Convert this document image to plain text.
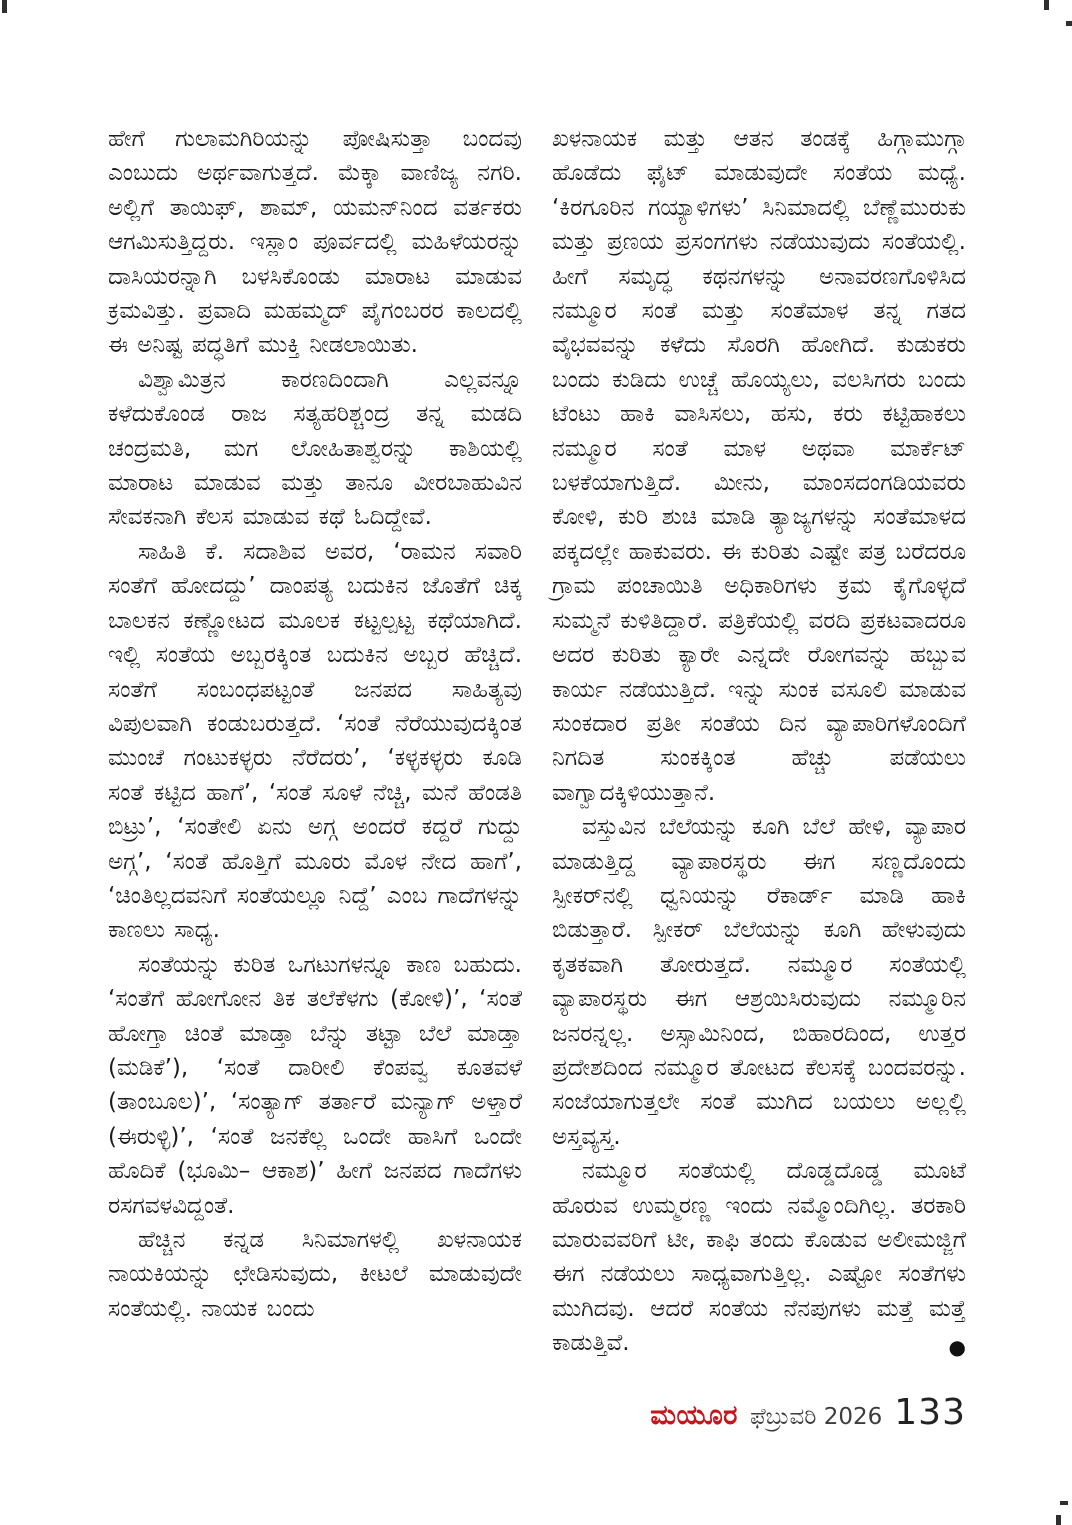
ಹೇಗೆ ಗುಲಾಮಗಿರಿಯನ್ನು ಪೋಷಿಸುತ್ತಾ ಬಂದವು ಎಂಬುದು ಅರ್ಥವಾಗುತ್ತದೆ. ಮೆಕ್ಕಾ ವಾಣಿಜ್ಯ ನಗರಿ. ಅಲ್ಲಿಗೆ ತಾಯಿಫ್, ಶಾಮ್, ಯಮನ್‌ನಿಂದ ವರ್ತಕರು ಆಗಮಿಸುತ್ತಿದ್ದರು. ಇಸ್ಲಾಂ ಪೂರ್ವದಲ್ಲಿ ಮಹಿಳೆಯರನ್ನು ದಾಸಿಯರನ್ನಾಗಿ ಬಳಸಿಕೊಂಡು ಮಾರಾಟ ಮಾಡುವ ಕ್ರಮವಿತ್ತು. ಪ್ರವಾದಿ ಮಹಮ್ಮದ್ ಪೈಗಂಬರರ ಕಾಲದಲ್ಲಿ ಈ ಅನಿಷ್ಟ ಪದ್ಧತಿಗೆ ಮುಕ್ತಿ ನೀಡಲಾಯಿತು.

ವಿಶ್ವಾಮಿತ್ರನ ಕಾರಣದಿಂದಾಗಿ ಎಲ್ಲವನ್ನೂ ಕಳೆದುಕೊಂಡ ರಾಜ ಸತ್ಯಹರಿಶ್ಚಂದ್ರ ತನ್ನ ಮಡದಿ ಚಂದ್ರಮತಿ, ಮಗ ಲೋಹಿತಾಶ್ವರನ್ನು ಕಾಶಿಯಲ್ಲಿ ಮಾರಾಟ ಮಾಡುವ ಮತ್ತು ತಾನೂ ವೀರಬಾಹುವಿನ ಸೇವಕನಾಗಿ ಕೆಲಸ ಮಾಡುವ ಕಥೆ ಓದಿದ್ದೇವೆ.

ಸಾಹಿತಿ ಕೆ. ಸದಾಶಿವ ಅವರ, ‘ರಾಮನ ಸವಾರಿ ಸಂತೆಗೆ ಹೋದದ್ದು’ ದಾಂಪತ್ಯ ಬದುಕಿನ ಜೊತೆಗೆ ಚಿಕ್ಕ ಬಾಲಕನ ಕಣ್ಣೋಟದ ಮೂಲಕ ಕಟ್ಟಲ್ಪಟ್ಟ ಕಥೆಯಾಗಿದೆ. ಇಲ್ಲಿ ಸಂತೆಯ ಅಬ್ಬರಕ್ಕಿಂತ ಬದುಕಿನ ಅಬ್ಬರ ಹೆಚ್ಚಿದೆ. ಸಂತೆಗೆ ಸಂಬಂಧಪಟ್ಟಂತೆ ಜನಪದ ಸಾಹಿತ್ಯವು ವಿಪುಲವಾಗಿ ಕಂಡುಬರುತ್ತದೆ. ‘ಸಂತೆ ನೆರೆಯುವುದಕ್ಕಿಂತ ಮುಂಚೆ ಗಂಟುಕಳ್ಳರು ನೆರೆದರು’, ‘ಕಳ್ಳಕಳ್ಳರು ಕೂಡಿ ಸಂತೆ ಕಟ್ಟಿದ ಹಾಗೆ’, ‘ಸಂತೆ ಸೂಳೆ ನೆಚ್ಚಿ, ಮನೆ ಹೆಂಡತಿ ಬಿಟ್ರು’, ‘ಸಂತೇಲಿ ಏನು ಅಗ್ಗ ಅಂದರೆ ಕದ್ದರೆ ಗುದ್ದು ಅಗ್ಗ’, ‘ಸಂತೆ ಹೊತ್ತಿಗೆ ಮೂರು ಮೊಳ ನೇದ ಹಾಗೆ’, ‘ಚಿಂತಿಲ್ಲದವನಿಗೆ ಸಂತೆಯಲ್ಲೂ ನಿದ್ದೆ’ ಎಂಬ ಗಾದೆಗಳನ್ನು ಕಾಣಲು ಸಾಧ್ಯ.

ಸಂತೆಯನ್ನು ಕುರಿತ ಒಗಟುಗಳನ್ನೂ ಕಾಣ ಬಹುದು. ‘ಸಂತೆಗೆ ಹೋಗೋನ ತಿಕ ತಲೆಕೆಳಗು (ಕೋಳಿ)’, ‘ಸಂತೆ ಹೋಗ್ತಾ ಚಿಂತೆ ಮಾಡ್ತಾ ಬೆನ್ನು ತಟ್ಟಾ ಬೆಲೆ ಮಾಡ್ತಾ (ಮಡಿಕೆ’), ‘ಸಂತೆ ದಾರೀಲಿ ಕೆಂಪವ್ವ ಕೂತವಳೆ (ತಾಂಬೂಲ)’, ‘ಸಂತ್ಯಾಗ್ ತರ್ತಾರೆ ಮನ್ಯಾಗ್ ಅಳ್ತಾರೆ (ಈರುಳ್ಳಿ)’, ‘ಸಂತೆ ಜನಕೆಲ್ಲ ಒಂದೇ ಹಾಸಿಗೆ ಒಂದೇ ಹೊದಿಕೆ (ಭೂಮಿ– ಆಕಾಶ)’ ಹೀಗೆ ಜನಪದ ಗಾದೆಗಳು ರಸಗವಳವಿದ್ದಂತೆ.

ಹೆಚ್ಚಿನ ಕನ್ನಡ ಸಿನಿಮಾಗಳಲ್ಲಿ ಖಳನಾಯಕ ನಾಯಕಿಯನ್ನು ಛೇಡಿಸುವುದು, ಕೀಟಲೆ ಮಾಡುವುದೇ ಸಂತೆಯಲ್ಲಿ. ನಾಯಕ ಬಂದು

ಖಳನಾಯಕ ಮತ್ತು ಆತನ ತಂಡಕ್ಕೆ ಹಿಗ್ಗಾಮುಗ್ಗಾ ಹೊಡೆದು ಫೈಟ್ ಮಾಡುವುದೇ ಸಂತೆಯ ಮಧ್ಯೆ. ‘ಕಿರಗೂರಿನ ಗಯ್ಯಾಳಿಗಳು’ ಸಿನಿಮಾದಲ್ಲಿ ಬೆಣ್ಣೆಮುರುಕು ಮತ್ತು ಪ್ರಣಯ ಪ್ರಸಂಗಗಳು ನಡೆಯುವುದು ಸಂತೆಯಲ್ಲಿ. ಹೀಗೆ ಸಮೃದ್ಧ ಕಥನಗಳನ್ನು ಅನಾವರಣಗೊಳಿಸಿದ ನಮ್ಮೂರ ಸಂತೆ ಮತ್ತು ಸಂತೆಮಾಳ ತನ್ನ ಗತದ ವೈಭವವನ್ನು ಕಳೆದು ಸೊರಗಿ ಹೋಗಿದೆ. ಕುಡುಕರು ಬಂದು ಕುಡಿದು ಉಚ್ಚೆ ಹೊಯ್ಯಲು, ವಲಸಿಗರು ಬಂದು ಟೆಂಟು ಹಾಕಿ ವಾಸಿಸಲು, ಹಸು, ಕರು ಕಟ್ಟಿಹಾಕಲು ನಮ್ಮೂರ ಸಂತೆ ಮಾಳ ಅಥವಾ ಮಾರ್ಕೆಟ್ ಬಳಕೆಯಾಗುತ್ತಿದೆ. ಮೀನು, ಮಾಂಸದಂಗಡಿಯವರು ಕೋಳಿ, ಕುರಿ ಶುಚಿ ಮಾಡಿ ತ್ಯಾಜ್ಯಗಳನ್ನು ಸಂತೆಮಾಳದ ಪಕ್ಕದಲ್ಲೇ ಹಾಕುವರು. ಈ ಕುರಿತು ಎಷ್ಟೇ ಪತ್ರ ಬರೆದರೂ ಗ್ರಾಮ ಪಂಚಾಯಿತಿ ಅಧಿಕಾರಿಗಳು ಕ್ರಮ ಕೈಗೊಳ್ಳದೆ ಸುಮ್ಮನೆ ಕುಳಿತಿದ್ದಾರೆ. ಪತ್ರಿಕೆಯಲ್ಲಿ ವರದಿ ಪ್ರಕಟವಾದರೂ ಅದರ ಕುರಿತು ಕ್ಯಾರೇ ಎನ್ನದೇ ರೋಗವನ್ನು ಹಬ್ಬುವ ಕಾರ್ಯ ನಡೆಯುತ್ತಿದೆ. ಇನ್ನು ಸುಂಕ ವಸೂಲಿ ಮಾಡುವ ಸುಂಕದಾರ ಪ್ರತೀ ಸಂತೆಯ ದಿನ ವ್ಯಾಪಾರಿಗಳೊಂದಿಗೆ ನಿಗದಿತ ಸುಂಕಕ್ಕಿಂತ ಹೆಚ್ಚು ಪಡೆಯಲು ವಾಗ್ವಾದಕ್ಕಿಳಿಯುತ್ತಾನೆ.

ವಸ್ತುವಿನ ಬೆಲೆಯನ್ನು ಕೂಗಿ ಬೆಲೆ ಹೇಳಿ, ವ್ಯಾಪಾರ ಮಾಡುತ್ತಿದ್ದ ವ್ಯಾಪಾರಸ್ಥರು ಈಗ ಸಣ್ಣದೊಂದು ಸ್ಪೀಕರ್‌ನಲ್ಲಿ ಧ್ವನಿಯನ್ನು ರೆಕಾರ್ಡ್ ಮಾಡಿ ಹಾಕಿ ಬಿಡುತ್ತಾರೆ. ಸ್ಪೀಕರ್ ಬೆಲೆಯನ್ನು ಕೂಗಿ ಹೇಳುವುದು ಕೃತಕವಾಗಿ ತೋರುತ್ತದೆ. ನಮ್ಮೂರ ಸಂತೆಯಲ್ಲಿ ವ್ಯಾಪಾರಸ್ಥರು ಈಗ ಆಶ್ರಯಿಸಿರುವುದು ನಮ್ಮೂರಿನ ಜನರನ್ನಲ್ಲ. ಅಸ್ಸಾಮಿನಿಂದ, ಬಿಹಾರದಿಂದ, ಉತ್ತರ ಪ್ರದೇಶದಿಂದ ನಮ್ಮೂರ ತೋಟದ ಕೆಲಸಕ್ಕೆ ಬಂದವರನ್ನು. ಸಂಜೆಯಾಗುತ್ತಲೇ ಸಂತೆ ಮುಗಿದ ಬಯಲು ಅಲ್ಲಲ್ಲಿ ಅಸ್ತವ್ಯಸ್ತ.

ನಮ್ಮೂರ ಸಂತೆಯಲ್ಲಿ ದೊಡ್ಡದೊಡ್ಡ ಮೂಟೆ ಹೊರುವ ಉಮ್ಮರಣ್ಣ ಇಂದು ನಮ್ಮೊಂದಿಗಿಲ್ಲ. ತರಕಾರಿ ಮಾರುವವರಿಗೆ ಟೀ, ಕಾಫಿ ತಂದು ಕೊಡುವ ಅಲೀಮಜ್ಜಿಗೆ ಈಗ ನಡೆಯಲು ಸಾಧ್ಯವಾಗುತ್ತಿಲ್ಲ. ಎಷ್ಟೋ ಸಂತೆಗಳು ಮುಗಿದವು. ಆದರೆ ಸಂತೆಯ ನೆನಪುಗಳು ಮತ್ತೆ ಮತ್ತೆ ಕಾಡುತ್ತಿವೆ.	●

ಮಯೂರ ಫೆಬ್ರುವರಿ 2026 133
